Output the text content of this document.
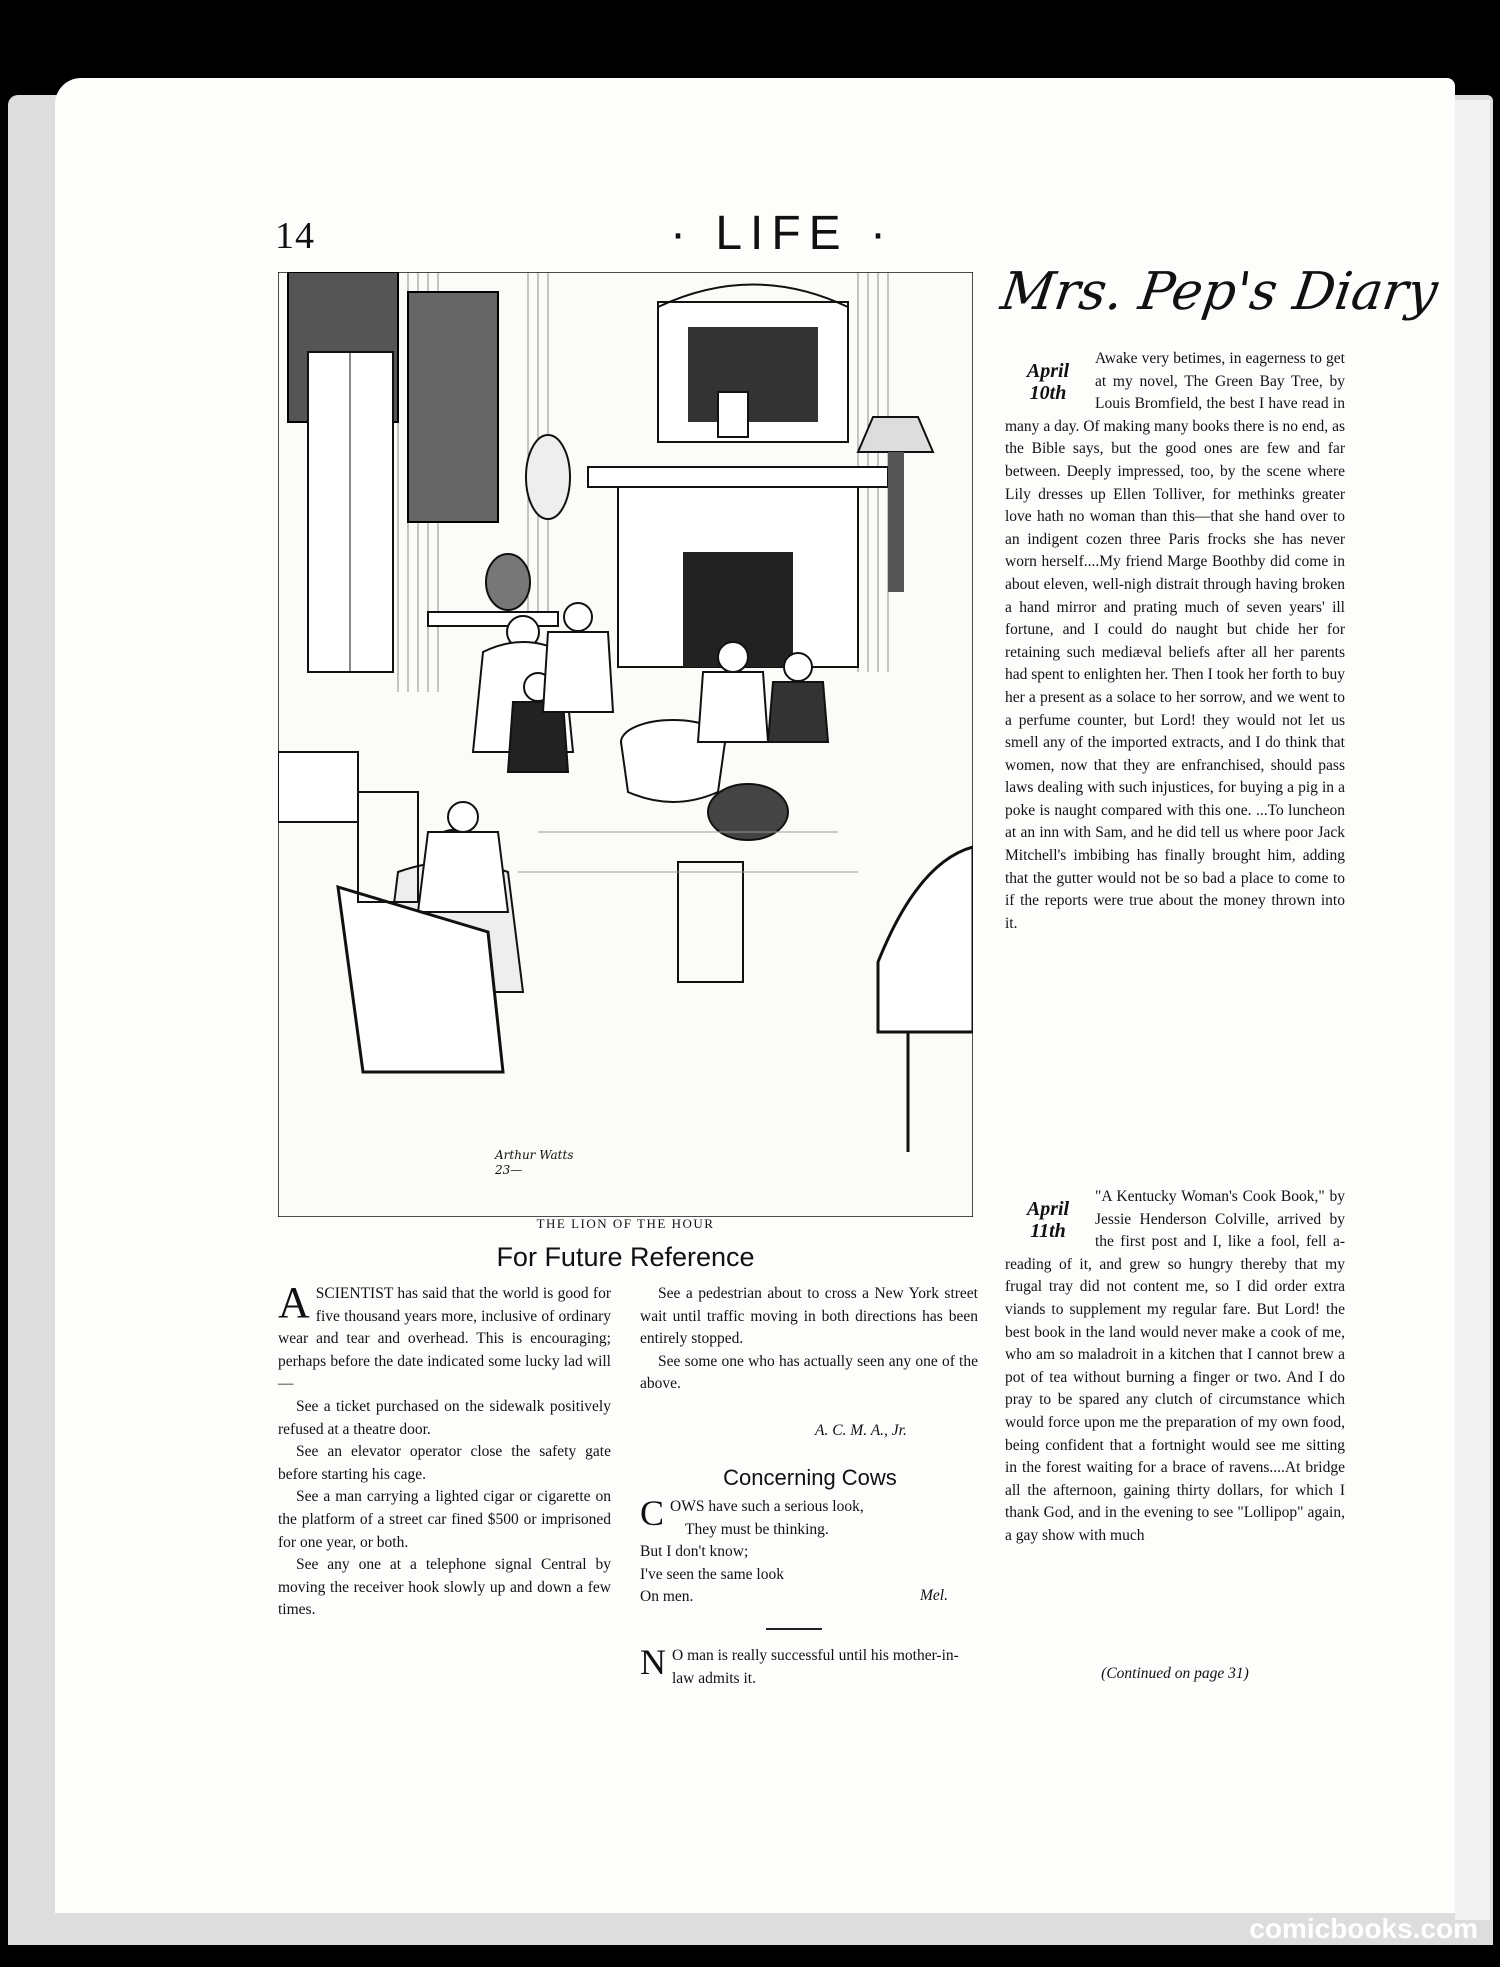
14	· LIFE ·
Arthur Watts 23—
THE LION OF THE HOUR
Mrs. Pep's Diary
April 10th

Awake very betimes, in eagerness to get at my novel, The Green Bay Tree, by Louis Bromfield, the best I have read in many a day. Of making many books there is no end, as the Bible says, but the good ones are few and far between. Deeply impressed, too, by the scene where Lily dresses up Ellen Tolliver, for methinks greater love hath no woman than this—that she hand over to an indigent cozen three Paris frocks she has never worn herself....My friend Marge Boothby did come in about eleven, well-nigh distrait through having broken a hand mirror and prating much of seven years' ill fortune, and I could do naught but chide her for retaining such mediæval beliefs after all her parents had spent to enlighten her. Then I took her forth to buy her a present as a solace to her sorrow, and we went to a perfume counter, but Lord! they would not let us smell any of the imported extracts, and I do think that women, now that they are enfranchised, should pass laws dealing with such injustices, for buying a pig in a poke is naught compared with this one. ...To luncheon at an inn with Sam, and he did tell us where poor Jack Mitchell's imbibing has finally brought him, adding that the gutter would not be so bad a place to come to if the reports were true about the money thrown into it.

April 11th

"A Kentucky Woman's Cook Book," by Jessie Henderson Colville, arrived by the first post and I, like a fool, fell a-reading of it, and grew so hungry thereby that my frugal tray did not content me, so I did order extra viands to supplement my regular fare. But Lord! the best book in the land would never make a cook of me, who am so maladroit in a kitchen that I cannot brew a pot of tea without burning a finger or two. And I do pray to be spared any clutch of circumstance which would force upon me the preparation of my own food, being confident that a fortnight would see me sitting in the forest waiting for a brace of ravens....At bridge all the afternoon, gaining thirty dollars, for which I thank God, and in the evening to see "Lollipop" again, a gay show with much

(Continued on page 31)
For Future Reference

A SCIENTIST has said that the world is good for five thousand years more, inclusive of ordinary wear and tear and overhead. This is encouraging; perhaps before the date indicated some lucky lad will—

See a ticket purchased on the sidewalk positively refused at a theatre door.

See an elevator operator close the safety gate before starting his cage.

See a man carrying a lighted cigar or cigarette on the platform of a street car fined $500 or imprisoned for one year, or both.

See any one at a telephone signal Central by moving the receiver hook slowly up and down a few times.

See a pedestrian about to cross a New York street wait until traffic moving in both directions has been entirely stopped.

See some one who has actually seen any one of the above.

A. C. M. A., Jr.
Concerning Cows
COWS have such a serious look,
They must be thinking.
But I don't know;
I've seen the same look
On men.	Mel.

N O man is really successful until his mother-in-law admits it.

comicbooks.com
